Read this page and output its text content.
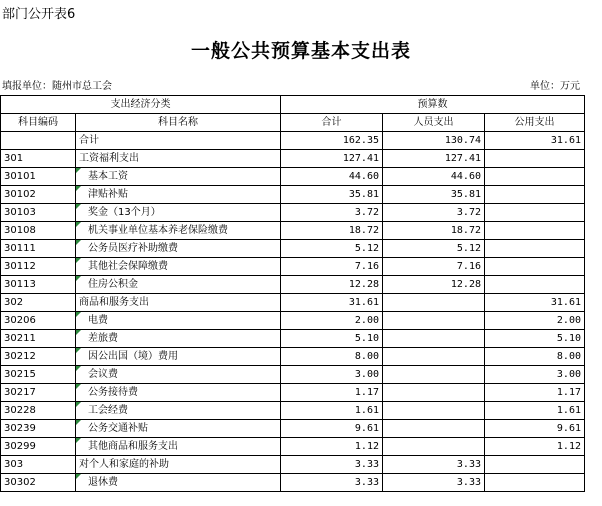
部门公开表6
一般公共预算基本支出表
填报单位：随州市总工会	单位：万元
支出经济分类		预算数		
科目编码	科目名称	合计	人员支出	公用支出
	合计	162.35	130.74	31.61
301	工资福利支出	127.41	127.41	
30101	基本工资	44.60	44.60	
30102	津贴补贴	35.81	35.81	
30103	奖金（13个月）	3.72	3.72	
30108	机关事业单位基本养老保险缴费	18.72	18.72	
30111	公务员医疗补助缴费	5.12	5.12	
30112	其他社会保障缴费	7.16	7.16	
30113	住房公积金	12.28	12.28	
302	商品和服务支出	31.61		31.61
30206	电费	2.00		2.00
30211	差旅费	5.10		5.10
30212	因公出国（境）费用	8.00		8.00
30215	会议费	3.00		3.00
30217	公务接待费	1.17		1.17
30228	工会经费	1.61		1.61
30239	公务交通补贴	9.61		9.61
30299	其他商品和服务支出	1.12		1.12
303	对个人和家庭的补助	3.33	3.33	
30302	退休费	3.33	3.33	
